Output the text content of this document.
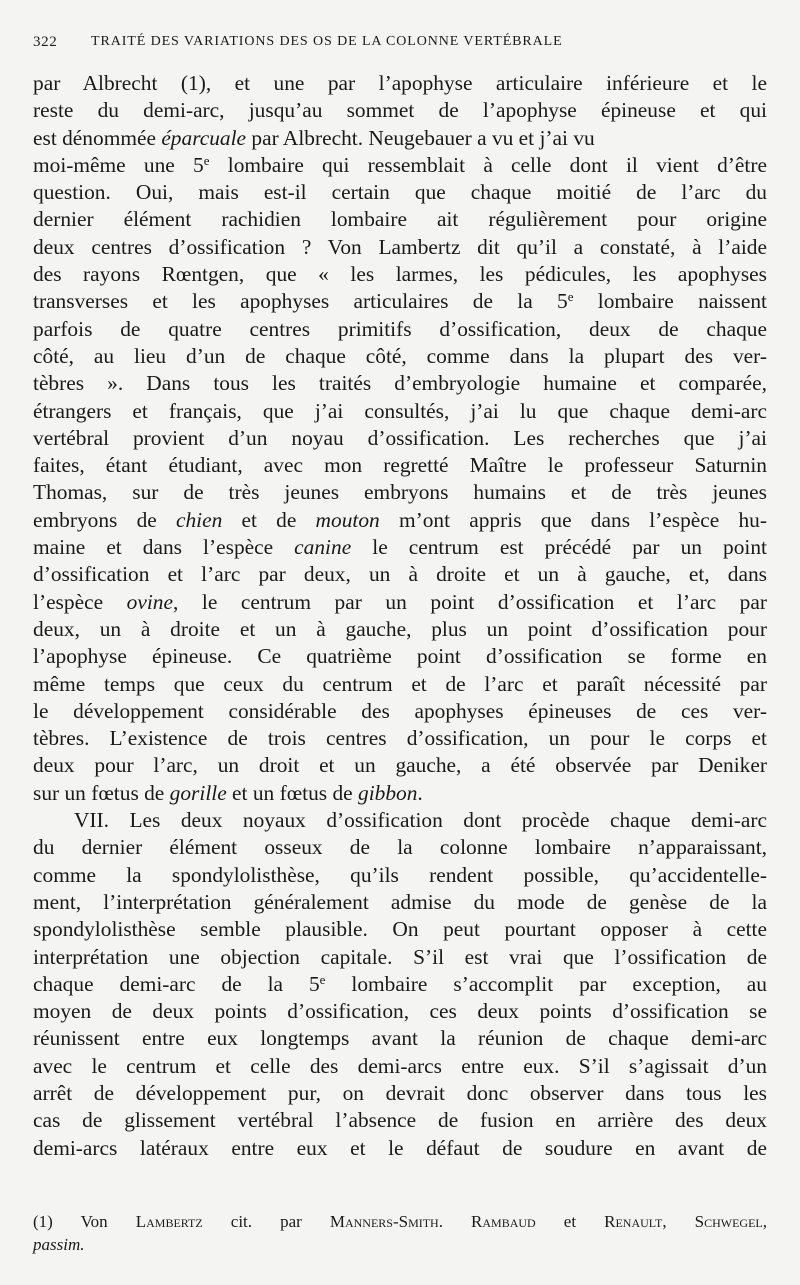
322 TRAITÉ DES VARIATIONS DES OS DE LA COLONNE VERTÉBRALE
par Albrecht (1), et une par l’apophyse articulaire inférieure et le
reste du demi-arc, jusqu’au sommet de l’apophyse épineuse et qui
est dénommée éparcuale par Albrecht. Neugebauer a vu et j’ai vu
moi-même une 5e lombaire qui ressemblait à celle dont il vient d’être
question. Oui, mais est-il certain que chaque moitié de l’arc du
dernier élément rachidien lombaire ait régulièrement pour origine
deux centres d’ossification ? Von Lambertz dit qu’il a constaté, à l’aide
des rayons Rœntgen, que « les larmes, les pédicules, les apophyses
transverses et les apophyses articulaires de la 5e lombaire naissent
parfois de quatre centres primitifs d’ossification, deux de chaque
côté, au lieu d’un de chaque côté, comme dans la plupart des ver-
tèbres ». Dans tous les traités d’embryologie humaine et comparée,
étrangers et français, que j’ai consultés, j’ai lu que chaque demi-arc
vertébral provient d’un noyau d’ossification. Les recherches que j’ai
faites, étant étudiant, avec mon regretté Maître le professeur Saturnin
Thomas, sur de très jeunes embryons humains et de très jeunes
embryons de chien et de mouton m’ont appris que dans l’espèce hu-
maine et dans l’espèce canine le centrum est précédé par un point
d’ossification et l’arc par deux, un à droite et un à gauche, et, dans
l’espèce ovine, le centrum par un point d’ossification et l’arc par
deux, un à droite et un à gauche, plus un point d’ossification pour
l’apophyse épineuse. Ce quatrième point d’ossification se forme en
même temps que ceux du centrum et de l’arc et paraît nécessité par
le développement considérable des apophyses épineuses de ces ver-
tèbres. L’existence de trois centres d’ossification, un pour le corps et
deux pour l’arc, un droit et un gauche, a été observée par Deniker
sur un fœtus de gorille et un fœtus de gibbon.
VII. Les deux noyaux d’ossification dont procède chaque demi-arc
du dernier élément osseux de la colonne lombaire n’apparaissant,
comme la spondylolisthèse, qu’ils rendent possible, qu’accidentelle-
ment, l’interprétation généralement admise du mode de genèse de la
spondylolisthèse semble plausible. On peut pourtant opposer à cette
interprétation une objection capitale. S’il est vrai que l’ossification de
chaque demi-arc de la 5e lombaire s’accomplit par exception, au
moyen de deux points d’ossification, ces deux points d’ossification se
réunissent entre eux longtemps avant la réunion de chaque demi-arc
avec le centrum et celle des demi-arcs entre eux. S’il s’agissait d’un
arrêt de développement pur, on devrait donc observer dans tous les
cas de glissement vertébral l’absence de fusion en arrière des deux
demi-arcs latéraux entre eux et le défaut de soudure en avant de
(1) Von Lambertz cit. par Manners-Smith. Rambaud et Renault, Schwegel,
passim.
